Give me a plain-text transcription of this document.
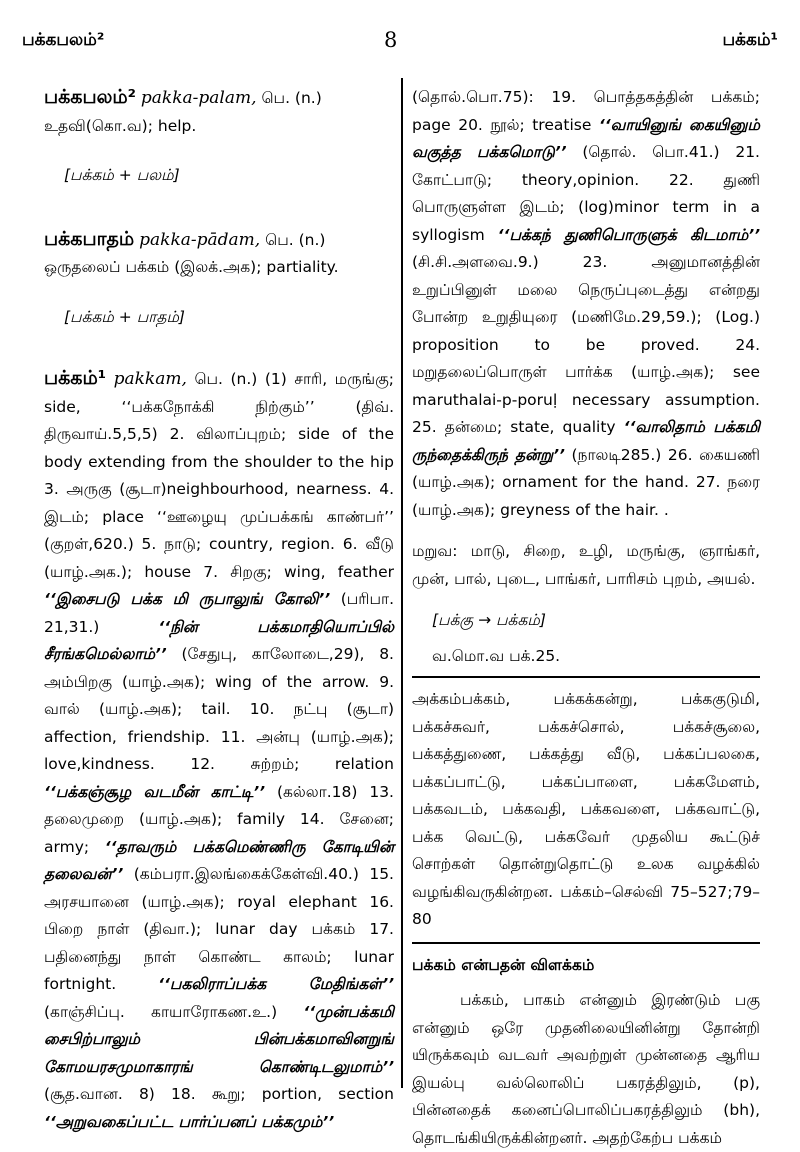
பக்கபலம்²	8	பக்கம்¹
பக்கபலம்² pakka-palam, பெ. (n.)
உதவி(கொ.வ); help.
[பக்கம் + பலம்]
பக்கபாதம் pakka-pādam, பெ. (n.)
ஒருதலைப் பக்கம் (இலக்.அக); partiality.
[பக்கம் + பாதம்]
பக்கம்¹ pakkam, பெ. (n.) (1) சாரி, மருங்கு; side, ‘‘பக்கநோக்கி நிற்கும்’’ (திவ். திருவாய்.5,5,5) 2. விலாப்புறம்; side of the body extending from the shoulder to the hip 3. அருகு (சூடா)neighbourhood, nearness. 4. இடம்; place ‘‘ஊழையு முப்பக்கங் காண்பர்’’ (குறள்,620.) 5. நாடு; country, region. 6. வீடு (யாழ்.அக.); house 7. சிறகு; wing, feather ‘‘இசைபடு பக்க மி ருபாலுங் கோலி’’ (பரிபா. 21,31.)	‘‘நின் பக்கமாதியொப்பில் சீரங்கமெல்லாம்’’ (சேதுபு, காலோடை,29), 8. அம்பிறகு (யாழ்.அக); wing of the arrow. 9. வால் (யாழ்.அக); tail. 10. நட்பு (சூடா) affection, friendship. 11. அன்பு (யாழ்.அக); love,kindness. 12. சுற்றம்; relation ‘‘பக்கஞ்சூழ வடமீன் காட்டி’’ (கல்லா.18) 13. தலைமுறை (யாழ்.அக); family 14. சேனை; army; ‘‘தாவரும் பக்கமெண்ணிரு கோடியின் தலைவன்’’ (கம்பரா.இலங்கைக்கேள்வி.40.) 15. அரசயானை (யாழ்.அக); royal elephant 16. பிறை நாள் (திவா.); lunar day பக்கம் 17. பதினைந்து நாள் கொண்ட காலம்; lunar fortnight.	‘‘பகலிராப்பக்க மேதிங்கள்’’ (காஞ்சிப்பு. காயாரோகண.உ.) ‘‘முன்பக்கமி சைபிற்பாலும் பின்பக்கமாவினறுங் கோமயரசமுமாகாரங் கொண்டிடலுமாம்’’ (சூத.வான. 8) 18. கூறு; portion, section ‘‘அறுவகைப்பட்ட பார்ப்பனப் பக்கமும்’’
(தொல்.பொ.75): 19. பொத்தகத்தின் பக்கம்; page 20. நூல்; treatise ‘‘வாயினுங் கையினும் வகுத்த பக்கமொடு’’ (தொல். பொ.41.) 21. கோட்பாடு; theory,opinion. 22. துணி பொருளுள்ள இடம்; (log)minor term in a syllogism ‘‘பக்கந் துணிபொருளுக் கிடமாம்’’ (சி.சி.அளவை.9.) 23. அனுமானத்தின் உறுப்பினுள் மலை நெருப்புடைத்து என்றது போன்ற உறுதியுரை (மணிமே.29,59.); (Log.) proposition to be proved. 24. மறுதலைப்பொருள் பார்க்க (யாழ்.அக); see maruthalai-p-poruḷ necessary assumption. 25. தன்மை; state, quality ‘‘வாலிதாம் பக்கமி ருந்தைக்கிருந் தன்று’’ (நாலடி285.) 26. கையணி (யாழ்.அக); ornament for the hand. 27. நரை (யாழ்.அக); greyness of the hair. .
மறுவ: மாடு, சிறை, உழி, மருங்கு, ஞாங்கர், முன், பால், புடை, பாங்கர், பாரிசம் புறம், அயல்.
[பக்கு → பக்கம்]
வ.மொ.வ பக்.25.
அக்கம்பக்கம், பக்கக்கன்று, பக்ககுடுமி, பக்கச்சுவர், பக்கச்சொல், பக்கச்சூலை, பக்கத்துணை, பக்கத்து வீடு, பக்கப்பலகை, பக்கப்பாட்டு, பக்கப்பாளை, பக்கமேளம், பக்கவடம், பக்கவதி, பக்கவளை, பக்கவாட்டு, பக்க வெட்டு, பக்கவேர் முதலிய கூட்டுச் சொற்கள் தொன்றுதொட்டு உலக வழக்கில் வழங்கிவருகின்றன. பக்கம்–செல்வி 75–527;79–80
பக்கம் என்பதன் விளக்கம்
பக்கம், பாகம் என்னும் இரண்டும் பகு என்னும் ஒரே முதனிலையினின்று தோன்றி யிருக்கவும் வடவர் அவற்றுள் முன்னதை ஆரிய இயல்பு வல்லொலிப் பகரத்திலும், (p), பின்னதைக் கனைப்பொலிப்பகரத்திலும் (bh), தொடங்கியிருக்கின்றனர். அதற்கேற்ப பக்கம்
